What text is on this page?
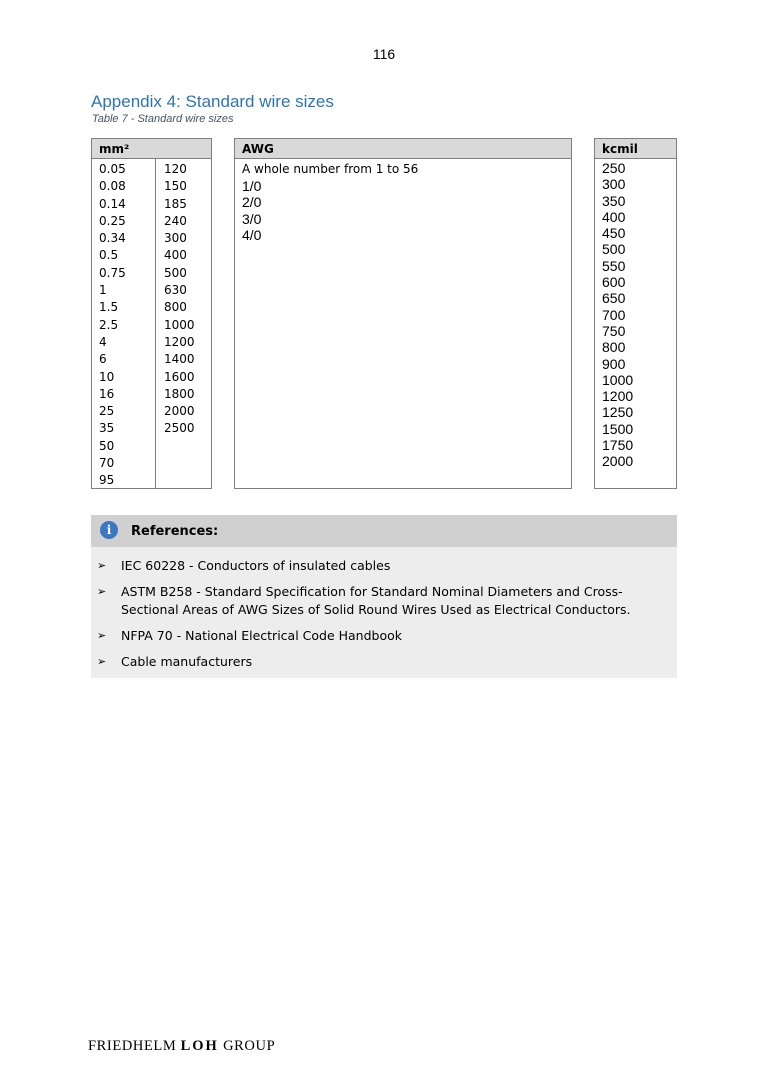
116
Appendix 4: Standard wire sizes
Table 7 - Standard wire sizes
mm²
0.05
0.08
0.14
0.25
0.34
0.5
0.75
1
1.5
2.5
4
6
10
16
25
35
50
70
95
120
150
185
240
300
400
500
630
800
1000
1200
1400
1600
1800
2000
2500
AWG
A whole number from 1 to 56
1/0
2/0
3/0
4/0
kcmil
250
300
350
400
450
500
550
600
650
700
750
800
900
1000
1200
1250
1500
1750
2000
i	References:
➢ IEC 60228 - Conductors of insulated cables
➢ ASTM B258 - Standard Specification for Standard Nominal Diameters and Cross-Sectional Areas of AWG Sizes of Solid Round Wires Used as Electrical Conductors.
➢ NFPA 70 - National Electrical Code Handbook
➢ Cable manufacturers
FRIEDHELM LOH GROUP
